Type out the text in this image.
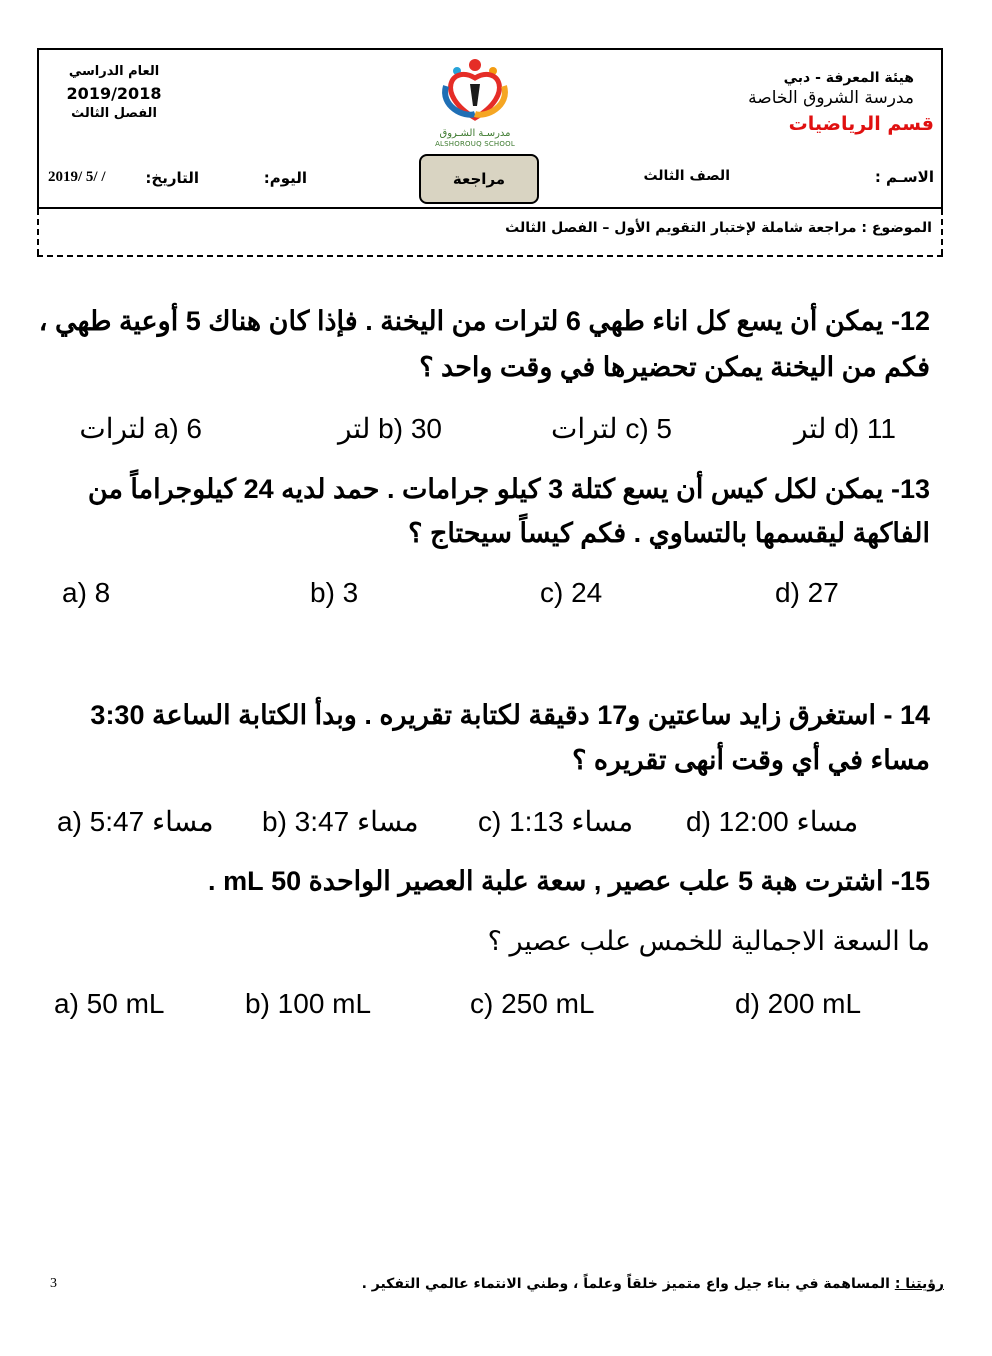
هيئة المعرفة - دبي
مدرسة الشروق الخاصة
قسم الرياضيات
العام الدراسي
2019/2018
الفصل الثالث
مدرسـة الشـروق
ALSHOROUQ SCHOOL
الاسـم :
الصف الثالث
مراجعة
اليوم:
التاريخ:
2019/ 5/ /
الموضوع : مراجعة شاملة لإختبار التقويم الأول – الفصل الثالث
12- يمكن أن يسع كل اناء طهي 6 لترات من اليخنة . فإذا كان هناك 5 أوعية طهي ،
فكم من اليخنة يمكن تحضيرها في وقت واحد ؟
a) 6 لترات	b) 30 لتر	c) 5 لترات	d) 11 لتر
13- يمكن لكل كيس أن يسع كتلة 3 كيلو جرامات . حمد لديه 24 كيلوجراماً من
الفاكهة ليقسمها بالتساوي . فكم كيساً سيحتاج ؟
a) 8	b) 3	c) 24	d) 27
14 - استغرق زايد ساعتين و17 دقيقة لكتابة تقريره . وبدأ الكتابة الساعة 3:30
مساء في أي وقت أنهى تقريره ؟
a) 5:47 مساء b) 3:47 مساء c) 1:13 مساء d) 12:00 مساء
15- اشترت هبة 5 علب عصير , سعة علبة العصير الواحدة 50 mL .
ما السعة الاجمالية للخمس علب عصير ؟
a) 50 mL	b) 100 mL	c) 250 mL	d) 200 mL
رؤيتنا : المساهمة في بناء جيل واع متميز خلقاً وعلماً ، وطني الانتماء عالمي التفكير .
3
